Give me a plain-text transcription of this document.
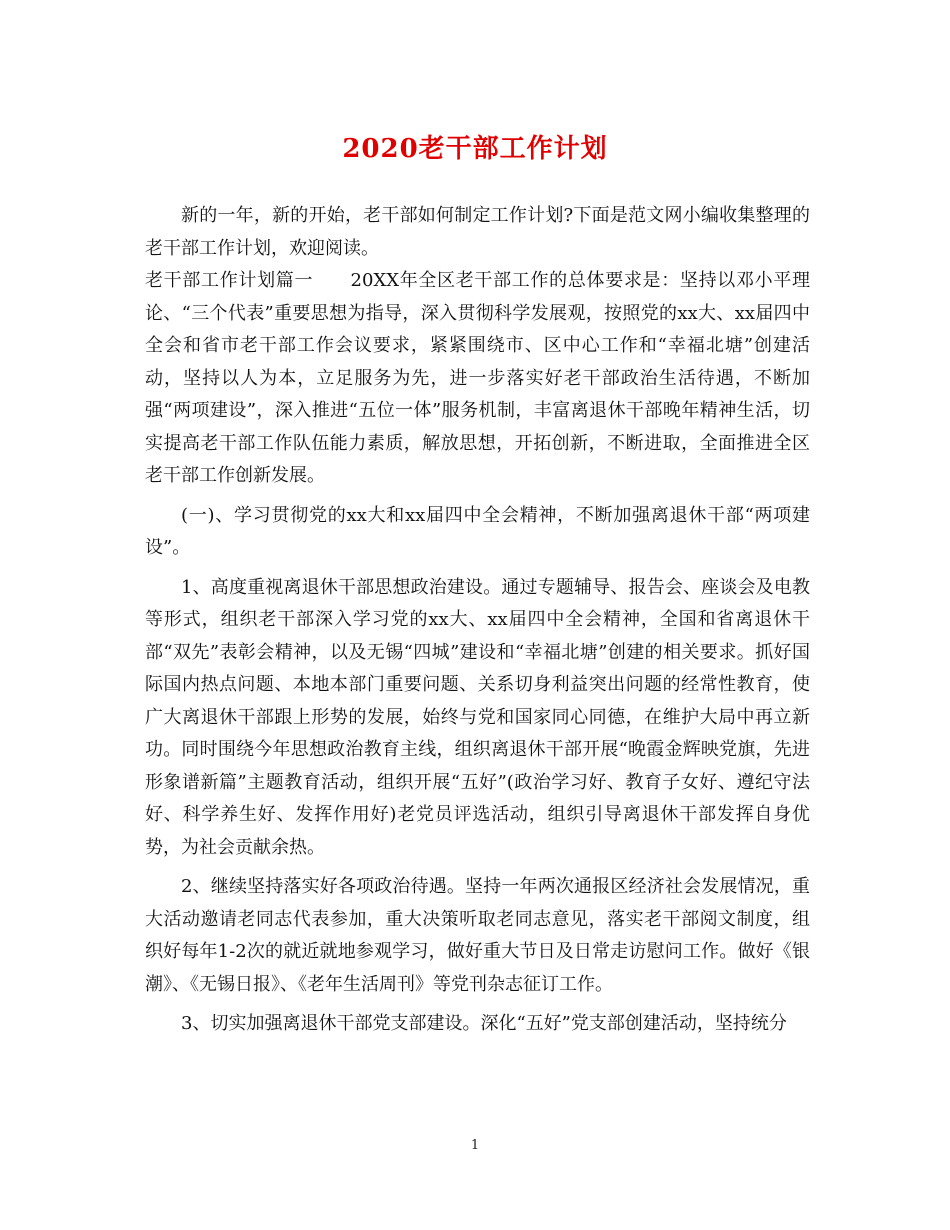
2020老干部工作计划

新的一年，新的开始，老干部如何制定工作计划?下面是范文网小编收集整理的老干部工作计划，欢迎阅读。

老干部工作计划篇一　　20XX年全区老干部工作的总体要求是：坚持以邓小平理论、“三个代表”重要思想为指导，深入贯彻科学发展观，按照党的xx大、xx届四中全会和省市老干部工作会议要求，紧紧围绕市、区中心工作和“幸福北塘”创建活动，坚持以人为本，立足服务为先，进一步落实好老干部政治生活待遇，不断加强“两项建设”，深入推进“五位一体”服务机制，丰富离退休干部晚年精神生活，切实提高老干部工作队伍能力素质，解放思想，开拓创新，不断进取，全面推进全区老干部工作创新发展。

(一)、学习贯彻党的xx大和xx届四中全会精神，不断加强离退休干部“两项建设”。

1、高度重视离退休干部思想政治建设。通过专题辅导、报告会、座谈会及电教等形式，组织老干部深入学习党的xx大、xx届四中全会精神，全国和省离退休干部“双先”表彰会精神，以及无锡“四城”建设和“幸福北塘”创建的相关要求。抓好国际国内热点问题、本地本部门重要问题、关系切身利益突出问题的经常性教育，使广大离退休干部跟上形势的发展，始终与党和国家同心同德，在维护大局中再立新功。同时围绕今年思想政治教育主线，组织离退休干部开展“晚霞金辉映党旗，先进形象谱新篇”主题教育活动，组织开展“五好”(政治学习好、教育子女好、遵纪守法好、科学养生好、发挥作用好)老党员评选活动，组织引导离退休干部发挥自身优势，为社会贡献余热。

2、继续坚持落实好各项政治待遇。坚持一年两次通报区经济社会发展情况，重大活动邀请老同志代表参加，重大决策听取老同志意见，落实老干部阅文制度，组织好每年1-2次的就近就地参观学习，做好重大节日及日常走访慰问工作。做好《银潮》、《无锡日报》、《老年生活周刊》等党刊杂志征订工作。

3、切实加强离退休干部党支部建设。深化“五好”党支部创建活动，坚持统分

1
